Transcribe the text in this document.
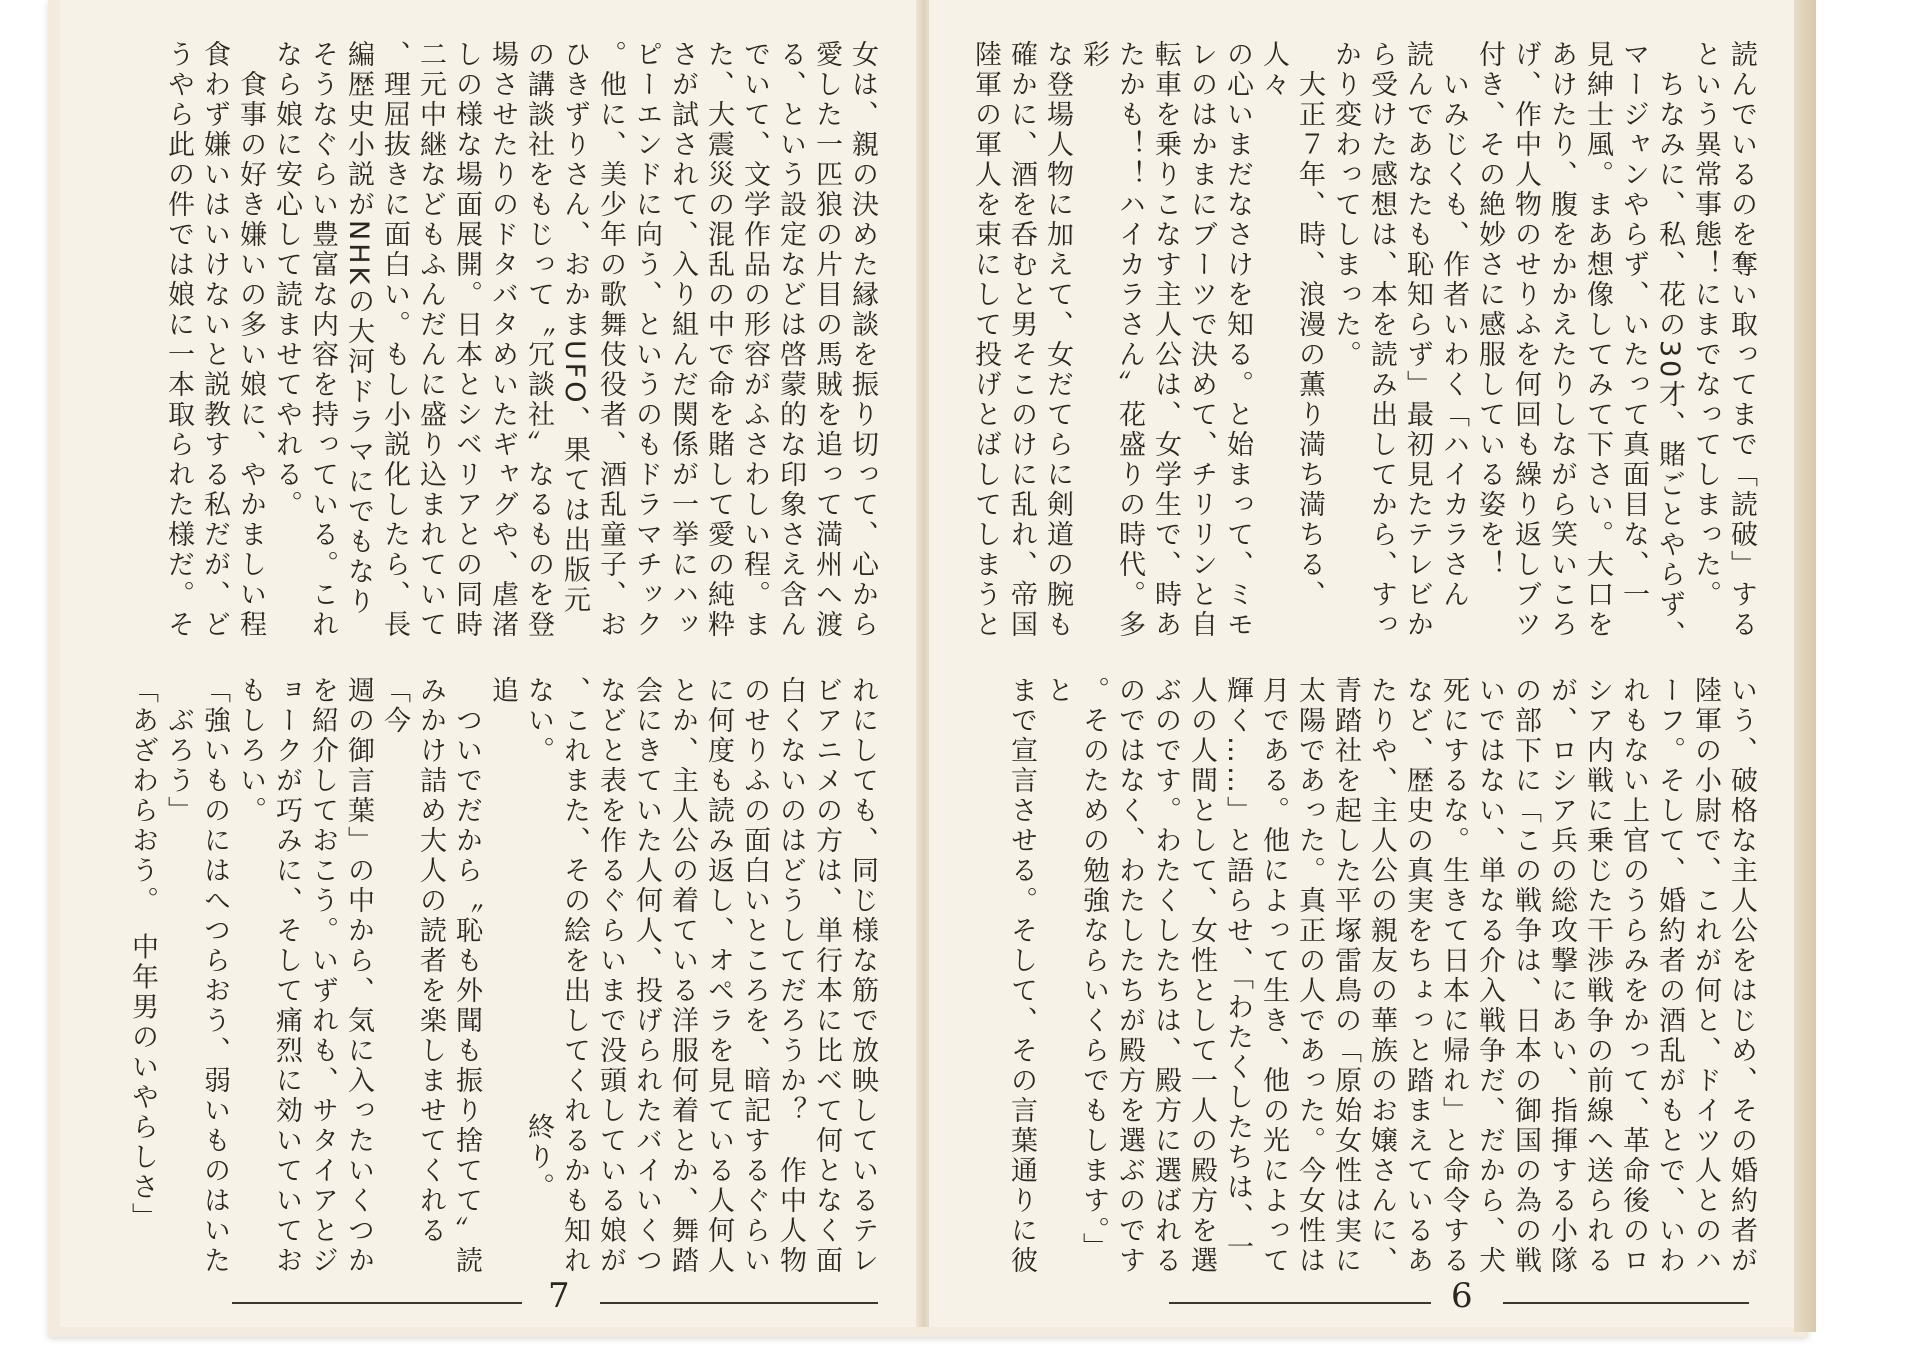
女は、親の決めた縁談を振り切って、心から

愛した一匹狼の片目の馬賊を追って満州へ渡

る、という設定などは啓蒙的な印象さえ含ん

でいて、文学作品の形容がふさわしい程。ま

た、大震災の混乱の中で命を賭して愛の純粋

さが試されて、入り組んだ関係が一挙にハッ

ピーエンドに向う、というのもドラマチック

。他に、美少年の歌舞伎役者、酒乱童子、お

ひきずりさん、おかまUFO、果ては出版元

の講談社をもじって〝冗談社〟なるものを登

場させたりのドタバタめいたギャグや、虐渚

しの様な場面展開。日本とシベリアとの同時

二元中継などもふんだんに盛り込まれていて

、理屈抜きに面白い。もし小説化したら、長

編歴史小説がNHKの大河ドラマにでもなり

そうなぐらい豊富な内容を持っている。これ

なら娘に安心して読ませてやれる。

　食事の好き嫌いの多い娘に、やかましい程

食わず嫌いはいけないと説教する私だが、ど

うやら此の件では娘に一本取られた様だ。そ

れにしても、同じ様な筋で放映しているテレ

ビアニメの方は、単行本に比べて何となく面

白くないのはどうしてだろうか？　作中人物

のせりふの面白いところを、暗記するぐらい

に何度も読み返し、オペラを見ている人何人

とか、主人公の着ている洋服何着とか、舞踏

会にきていた人何人、投げられたバイいくつ

などと表を作るぐらいまで没頭している娘が

、これまた、その絵を出してくれるかも知れ

ない。　　　　　　　　　　　　終り。

追

　ついでだから〝恥も外聞も振り捨てて〟読

みかけ詰め大人の読者を楽しませてくれる「今

週の御言葉」の中から、気に入ったいくつか

を紹介しておこう。いずれも、サタイアとジ

ョークが巧みに、そして痛烈に効いていてお

もしろい。

「強いものにはへつらおう、弱いものはいた

　ぶろう」

「あざわらおう。　中年男のいやらしさ」

7

読んでいるのを奪い取ってまで「読破」する

という異常事態！にまでなってしまった。

　ちなみに、私、花の30才、賭ごとやらず、

マージャンやらず、いたって真面目な、一

見紳士風。まあ想像してみて下さい。大口を

あけたり、腹をかかえたりしながら笑いころ

げ、作中人物のせりふを何回も繰り返しブツ

付き、その絶妙さに感服している姿を！

　いみじくも、作者いわく「ハイカラさん

読んであなたも恥知らず」最初見たテレビか

ら受けた感想は、本を読み出してから、すっ

かり変わってしまった。

　大正７年、時、浪漫の薫り満ち満ちる、人々

の心いまだなさけを知る。と始まって、ミモ

レのはかまにブーツで決めて、チリリンと自

転車を乗りこなす主人公は、女学生で、時あ

たかも！！ハイカラさん〟花盛りの時代。多彩

な登場人物に加えて、女だてらに剣道の腕も

確かに、酒を呑むと男そこのけに乱れ、帝国

陸軍の軍人を束にして投げとばしてしまうと

いう、破格な主人公をはじめ、その婚約者が

陸軍の小尉で、これが何と、ドイツ人とのハ

ーフ。そして、婚約者の酒乱がもとで、いわ

れもない上官のうらみをかって、革命後のロ

シア内戦に乗じた干渉戦争の前線へ送られる

が、ロシア兵の総攻撃にあい、指揮する小隊

の部下に「この戦争は、日本の御国の為の戦

いではない、単なる介入戦争だ、だから、犬

死にするな。生きて日本に帰れ」と命令する

など、歴史の真実をちょっと踏まえているあ

たりや、主人公の親友の華族のお嬢さんに、

青踏社を起した平塚雷鳥の「原始女性は実に

太陽であった。真正の人であった。今女性は

月である。他によって生き、他の光によって

輝く……」と語らせ、「わたくしたちは、一

人の人間として、女性として一人の殿方を選

ぶのです。わたくしたちは、殿方に選ばれる

のではなく、わたしたちが殿方を選ぶのです

。そのための勉強ならいくらでもします。」と

まで宣言させる。そして、その言葉通りに彼

6
